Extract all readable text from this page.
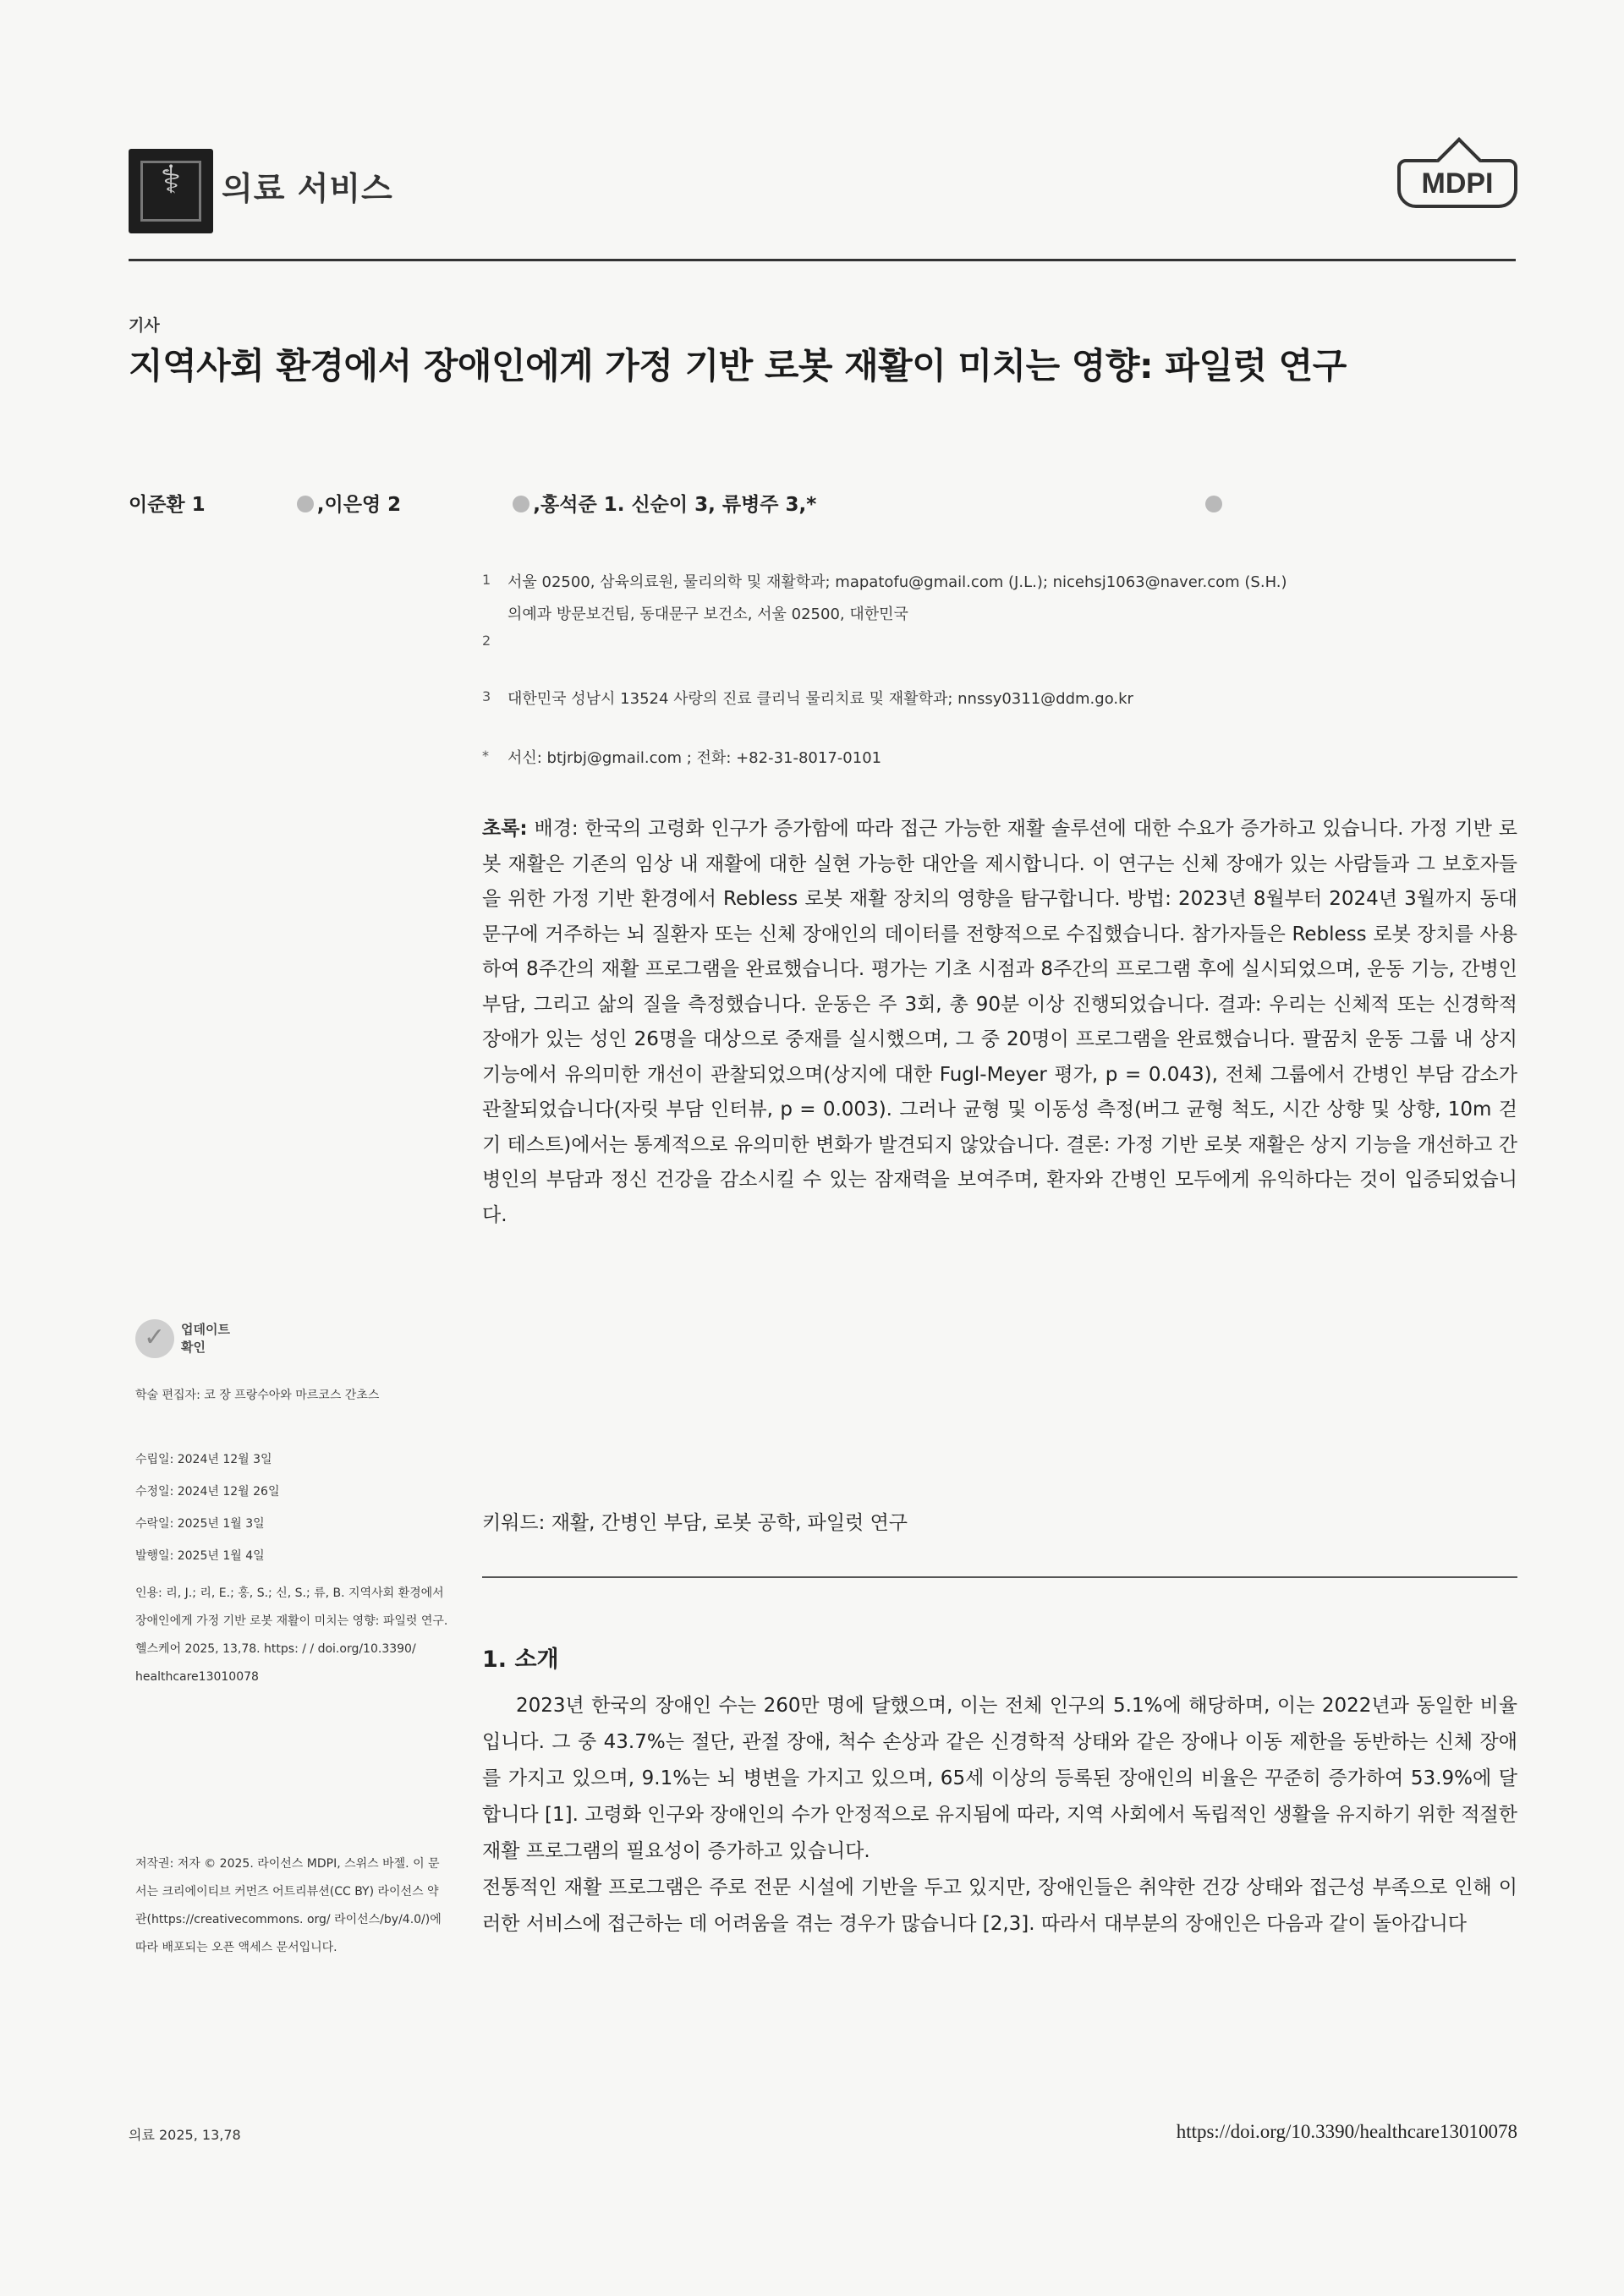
⚕	의료 서비스	MDPI
기사
지역사회 환경에서 장애인에게 가정 기반 로봇 재활이 미치는 영향: 파일럿 연구
이준환 1             ,이은영 2                ,홍석준 1. 신순이 3, 류병주 3,*
1 서울 02500, 삼육의료원, 물리의학 및 재활학과; mapatofu@gmail.com (J.L.); nicehsj1063@naver.com (S.H.)
의예과 방문보건팀, 동대문구 보건소, 서울 02500, 대한민국
2
3 대한민국 성남시 13524 사랑의 진료 클리닉 물리치료 및 재활학과; nnssy0311@ddm.go.kr
* 서신: btjrbj@gmail.com ; 전화: +82-31-8017-0101
초록: 배경: 한국의 고령화 인구가 증가함에 따라 접근 가능한 재활 솔루션에 대한 수요가 증가하고 있습니다. 가정 기반 로봇 재활은 기존의 임상 내 재활에 대한 실현 가능한 대안을 제시합니다. 이 연구는 신체 장애가 있는 사람들과 그 보호자들을 위한 가정 기반 환경에서 Rebless 로봇 재활 장치의 영향을 탐구합니다. 방법: 2023년 8월부터 2024년 3월까지 동대문구에 거주하는 뇌 질환자 또는 신체 장애인의 데이터를 전향적으로 수집했습니다. 참가자들은 Rebless 로봇 장치를 사용하여 8주간의 재활 프로그램을 완료했습니다. 평가는 기초 시점과 8주간의 프로그램 후에 실시되었으며, 운동 기능, 간병인 부담, 그리고 삶의 질을 측정했습니다. 운동은 주 3회, 총 90분 이상 진행되었습니다. 결과: 우리는 신체적 또는 신경학적 장애가 있는 성인 26명을 대상으로 중재를 실시했으며, 그 중 20명이 프로그램을 완료했습니다. 팔꿈치 운동 그룹 내 상지 기능에서 유의미한 개선이 관찰되었으며(상지에 대한 Fugl-Meyer 평가, p = 0.043), 전체 그룹에서 간병인 부담 감소가 관찰되었습니다(자릿 부담 인터뷰, p = 0.003). 그러나 균형 및 이동성 측정(버그 균형 척도, 시간 상향 및 상향, 10m 걷기 테스트)에서는 통계적으로 유의미한 변화가 발견되지 않았습니다. 결론: 가정 기반 로봇 재활은 상지 기능을 개선하고 간병인의 부담과 정신 건강을 감소시킬 수 있는 잠재력을 보여주며, 환자와 간병인 모두에게 유익하다는 것이 입증되었습니다.
키워드: 재활, 간병인 부담, 로봇 공학, 파일럿 연구
1. 소개
2023년 한국의 장애인 수는 260만 명에 달했으며, 이는 전체 인구의 5.1%에 해당하며, 이는 2022년과 동일한 비율입니다. 그 중 43.7%는 절단, 관절 장애, 척수 손상과 같은 신경학적 상태와 같은 장애나 이동 제한을 동반하는 신체 장애를 가지고 있으며, 9.1%는 뇌 병변을 가지고 있으며, 65세 이상의 등록된 장애인의 비율은 꾸준히 증가하여 53.9%에 달합니다 [1]. 고령화 인구와 장애인의 수가 안정적으로 유지됨에 따라, 지역 사회에서 독립적인 생활을 유지하기 위한 적절한 재활 프로그램의 필요성이 증가하고 있습니다.
전통적인 재활 프로그램은 주로 전문 시설에 기반을 두고 있지만, 장애인들은 취약한 건강 상태와 접근성 부족으로 인해 이러한 서비스에 접근하는 데 어려움을 겪는 경우가 많습니다 [2,3]. 따라서 대부분의 장애인은 다음과 같이 돌아갑니다
✓
업데이트
확인
학술 편집자: 코 장 프랑수아와 마르코스 간초스
수립일: 2024년 12월 3일
수정일: 2024년 12월 26일
수락일: 2025년 1월 3일
발행일: 2025년 1월 4일
인용: 리, J.; 리, E.; 홍, S.; 신, S.; 류, B. 지역사회 환경에서 장애인에게 가정 기반 로봇 재활이 미치는 영향: 파일럿 연구. 헬스케어 2025, 13,78. https: / / doi.org/10.3390/ healthcare13010078
저작권: 저자 © 2025. 라이선스 MDPI, 스위스 바젤. 이 문서는 크리에이티브 커먼즈 어트리뷰션(CC BY) 라이선스 약관(https://creativecommons. org/ 라이선스/by/4.0/)에 따라 배포되는 오픈 액세스 문서입니다.
의료 2025, 13,78	https://doi.org/10.3390/healthcare13010078
